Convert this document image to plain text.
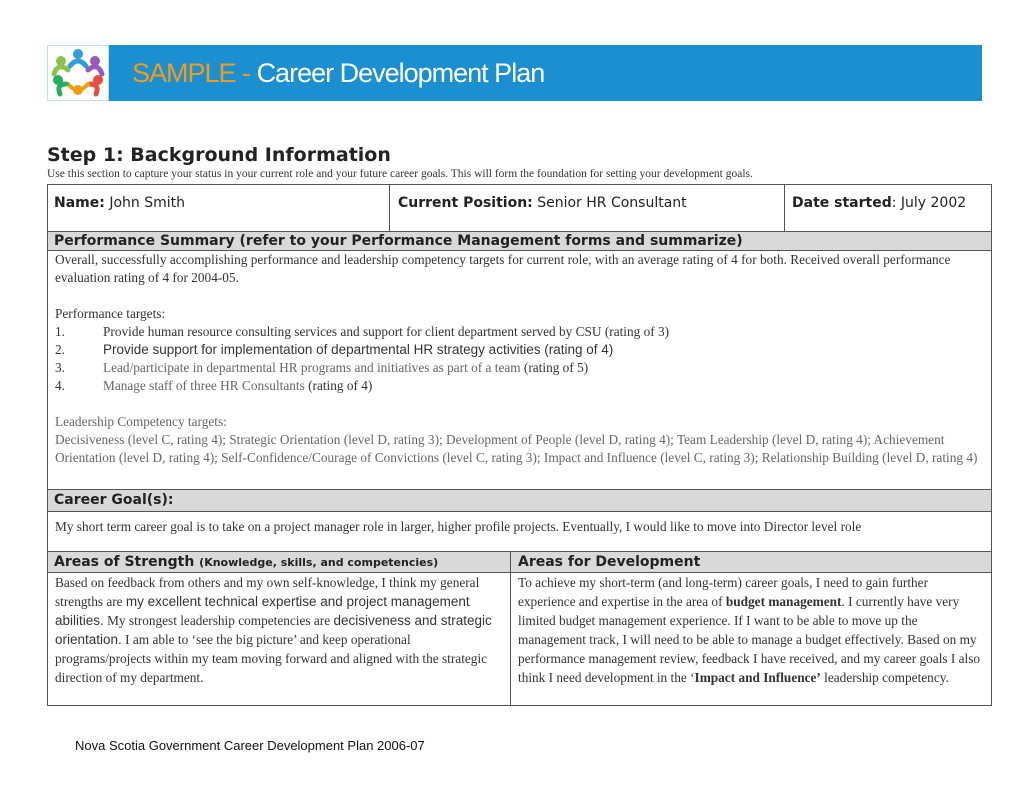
SAMPLE - Career Development Plan
Step 1: Background Information
Use this section to capture your status in your current role and your future career goals. This will form the foundation for setting your development goals.
Name: John Smith	Current Position: Senior HR Consultant	Date started: July 2002
Performance Summary (refer to your Performance Management forms and summarize)
Overall, successfully accomplishing performance and leadership competency targets for current role, with an average rating of 4 for both. Received overall performance evaluation rating of 4 for 2004-05.
Performance targets:
1.	Provide human resource consulting services and support for client department served by CSU (rating of 3)
2.	Provide support for implementation of departmental HR strategy activities (rating of 4)
3.	Lead/participate in departmental HR programs and initiatives as part of a team (rating of 5)
4.	Manage staff of three HR Consultants (rating of 4)
Leadership Competency targets:
Decisiveness (level C, rating 4); Strategic Orientation (level D, rating 3); Development of People (level D, rating 4); Team Leadership (level D, rating 4); Achievement Orientation (level D, rating 4); Self-Confidence/Courage of Convictions (level C, rating 3); Impact and Influence (level C, rating 3); Relationship Building (level D, rating 4)
Career Goal(s):
My short term career goal is to take on a project manager role in larger, higher profile projects. Eventually, I would like to move into Director level role
Areas of Strength (Knowledge, skills, and competencies)	Areas for Development
Based on feedback from others and my own self-knowledge, I think my general strengths are my excellent technical expertise and project management abilities. My strongest leadership competencies are decisiveness and strategic orientation. I am able to ‘see the big picture’ and keep operational programs/projects within my team moving forward and aligned with the strategic direction of my department.
To achieve my short-term (and long-term) career goals, I need to gain further experience and expertise in the area of budget management. I currently have very limited budget management experience. If I want to be able to move up the management track, I will need to be able to manage a budget effectively. Based on my performance management review, feedback I have received, and my career goals I also think I need development in the ‘Impact and Influence’ leadership competency.
Nova Scotia Government Career Development Plan 2006-07
